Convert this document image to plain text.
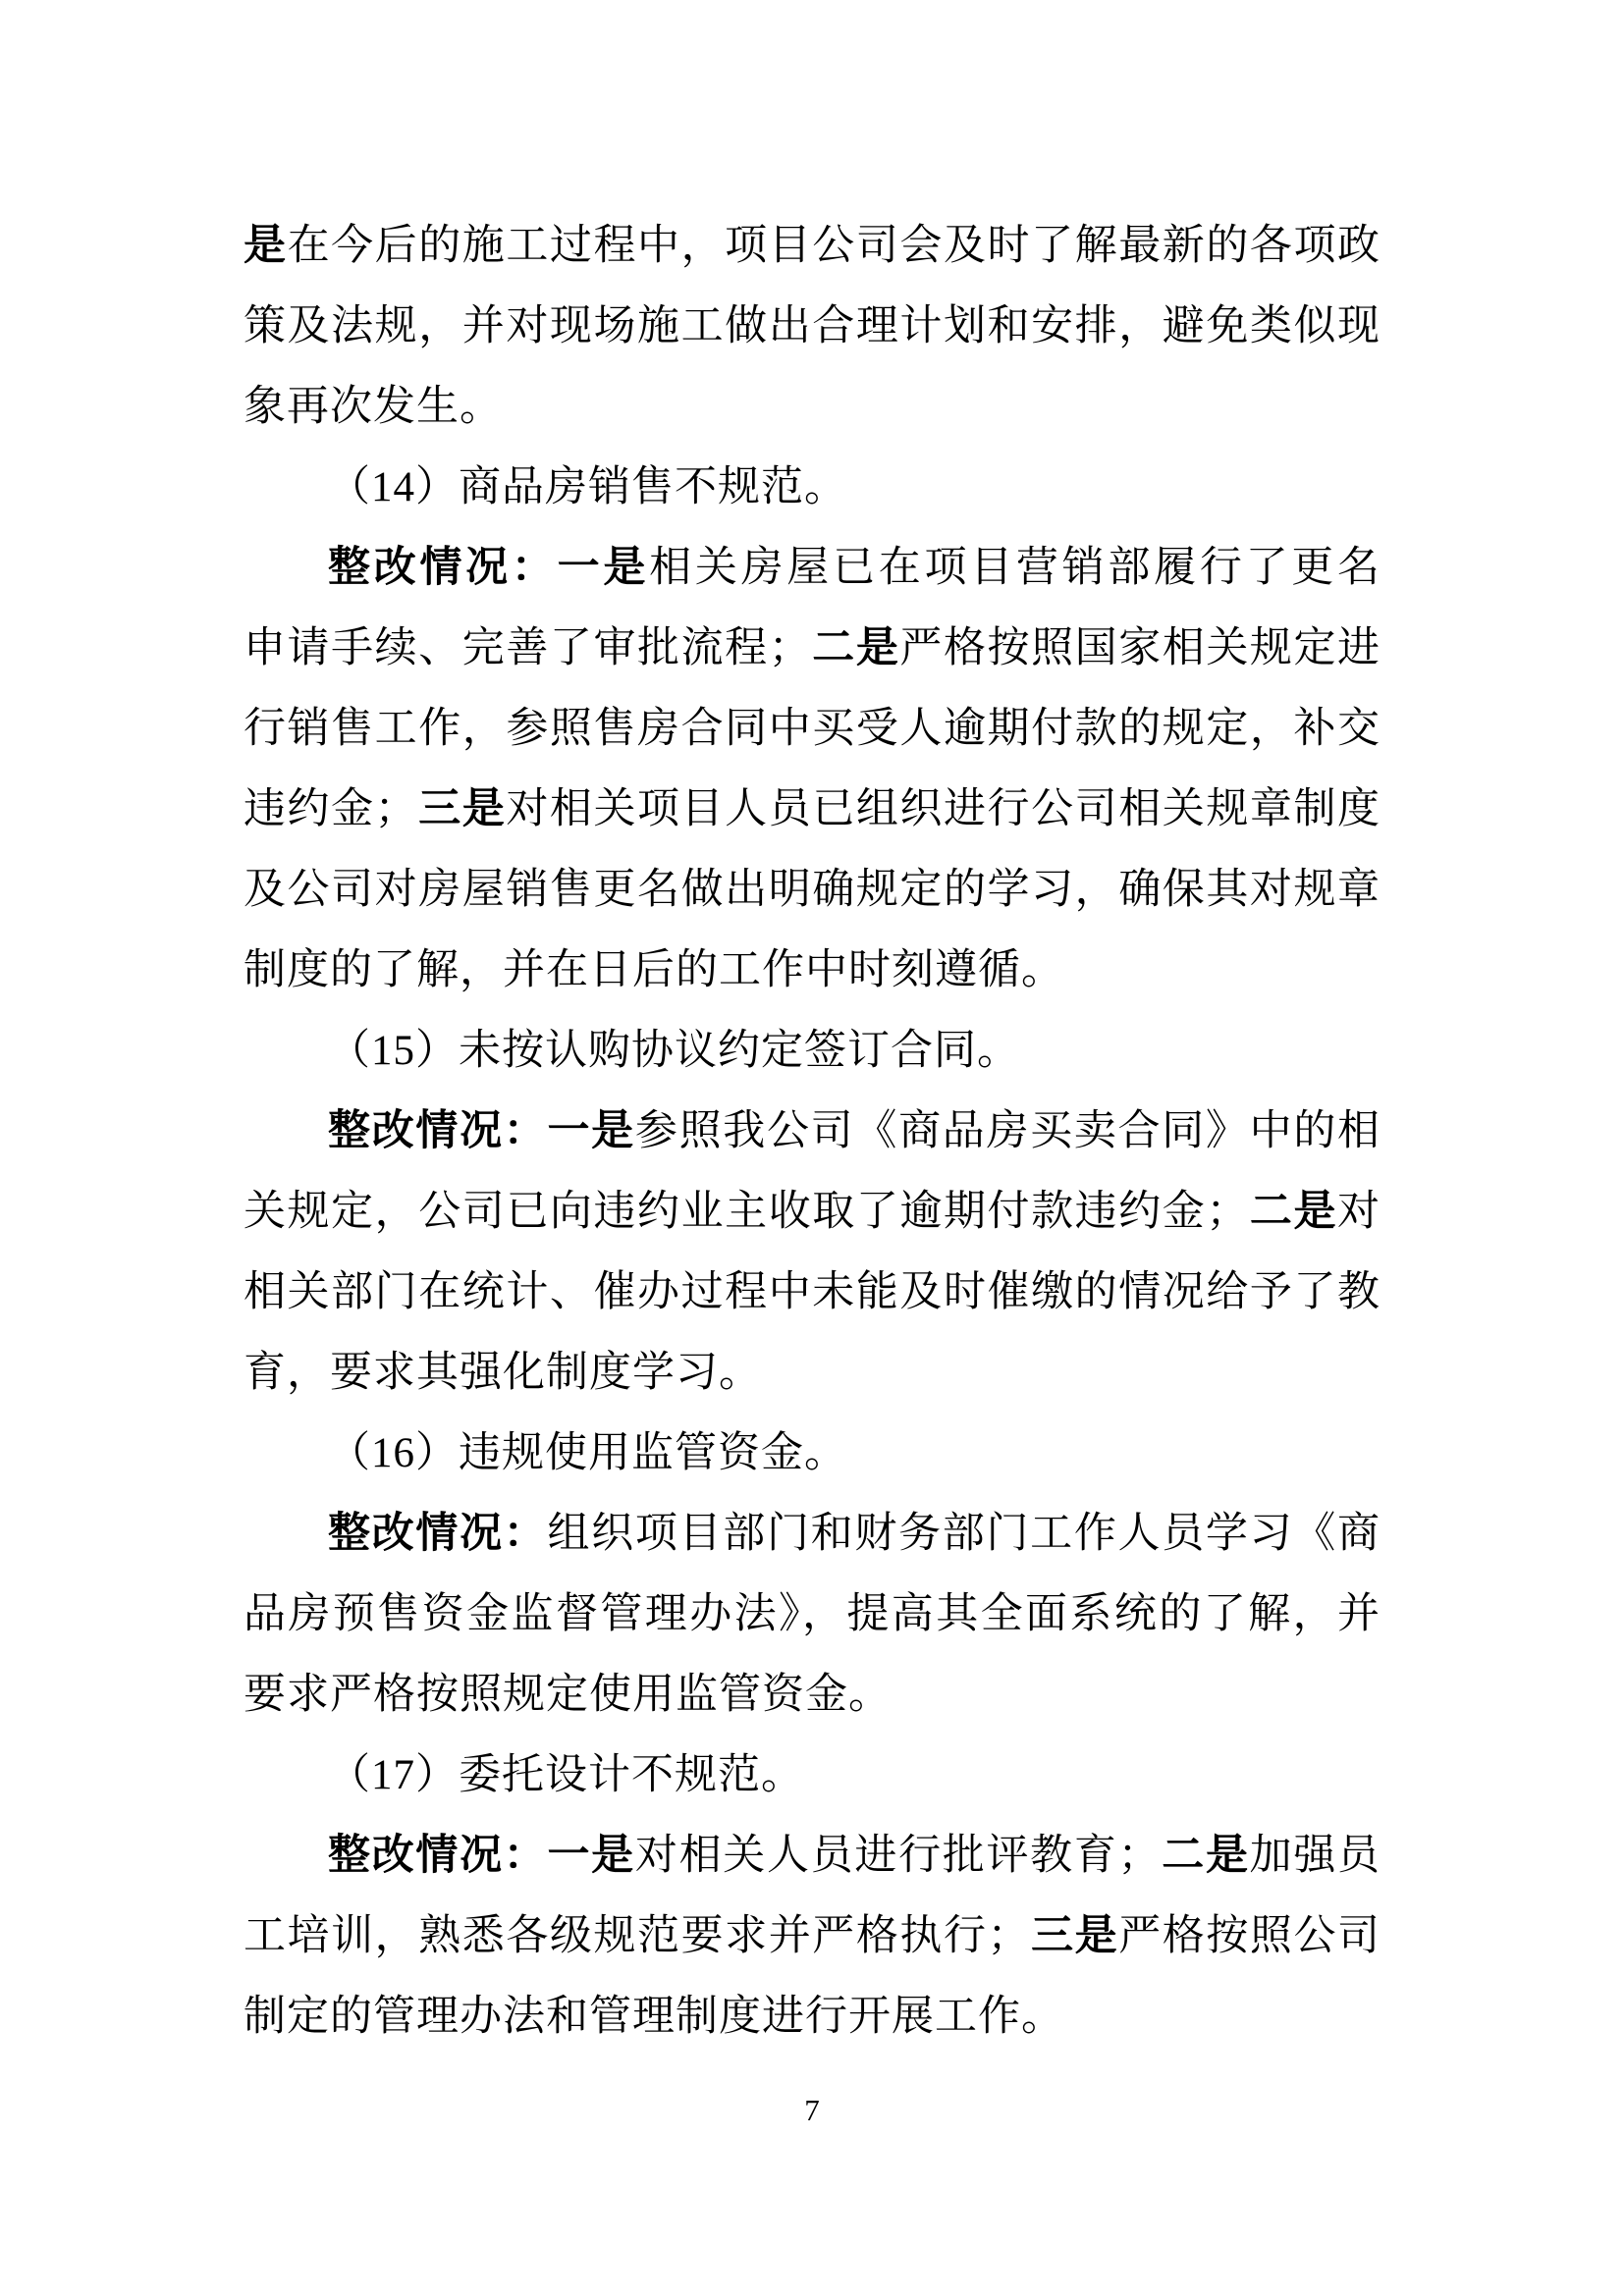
是在今后的施工过程中，项目公司会及时了解最新的各项政
策及法规，并对现场施工做出合理计划和安排，避免类似现
象再次发生。
（14）商品房销售不规范。
整改情况：一是相关房屋已在项目营销部履行了更名
申请手续、完善了审批流程；二是严格按照国家相关规定进
行销售工作，参照售房合同中买受人逾期付款的规定，补交
违约金；三是对相关项目人员已组织进行公司相关规章制度
及公司对房屋销售更名做出明确规定的学习，确保其对规章
制度的了解，并在日后的工作中时刻遵循。
（15）未按认购协议约定签订合同。
整改情况：一是参照我公司《商品房买卖合同》中的相
关规定，公司已向违约业主收取了逾期付款违约金；二是对
相关部门在统计、催办过程中未能及时催缴的情况给予了教
育，要求其强化制度学习。
（16）违规使用监管资金。
整改情况：组织项目部门和财务部门工作人员学习《商
品房预售资金监督管理办法》，提高其全面系统的了解，并
要求严格按照规定使用监管资金。
（17）委托设计不规范。
整改情况：一是对相关人员进行批评教育；二是加强员
工培训，熟悉各级规范要求并严格执行；三是严格按照公司
制定的管理办法和管理制度进行开展工作。
7
